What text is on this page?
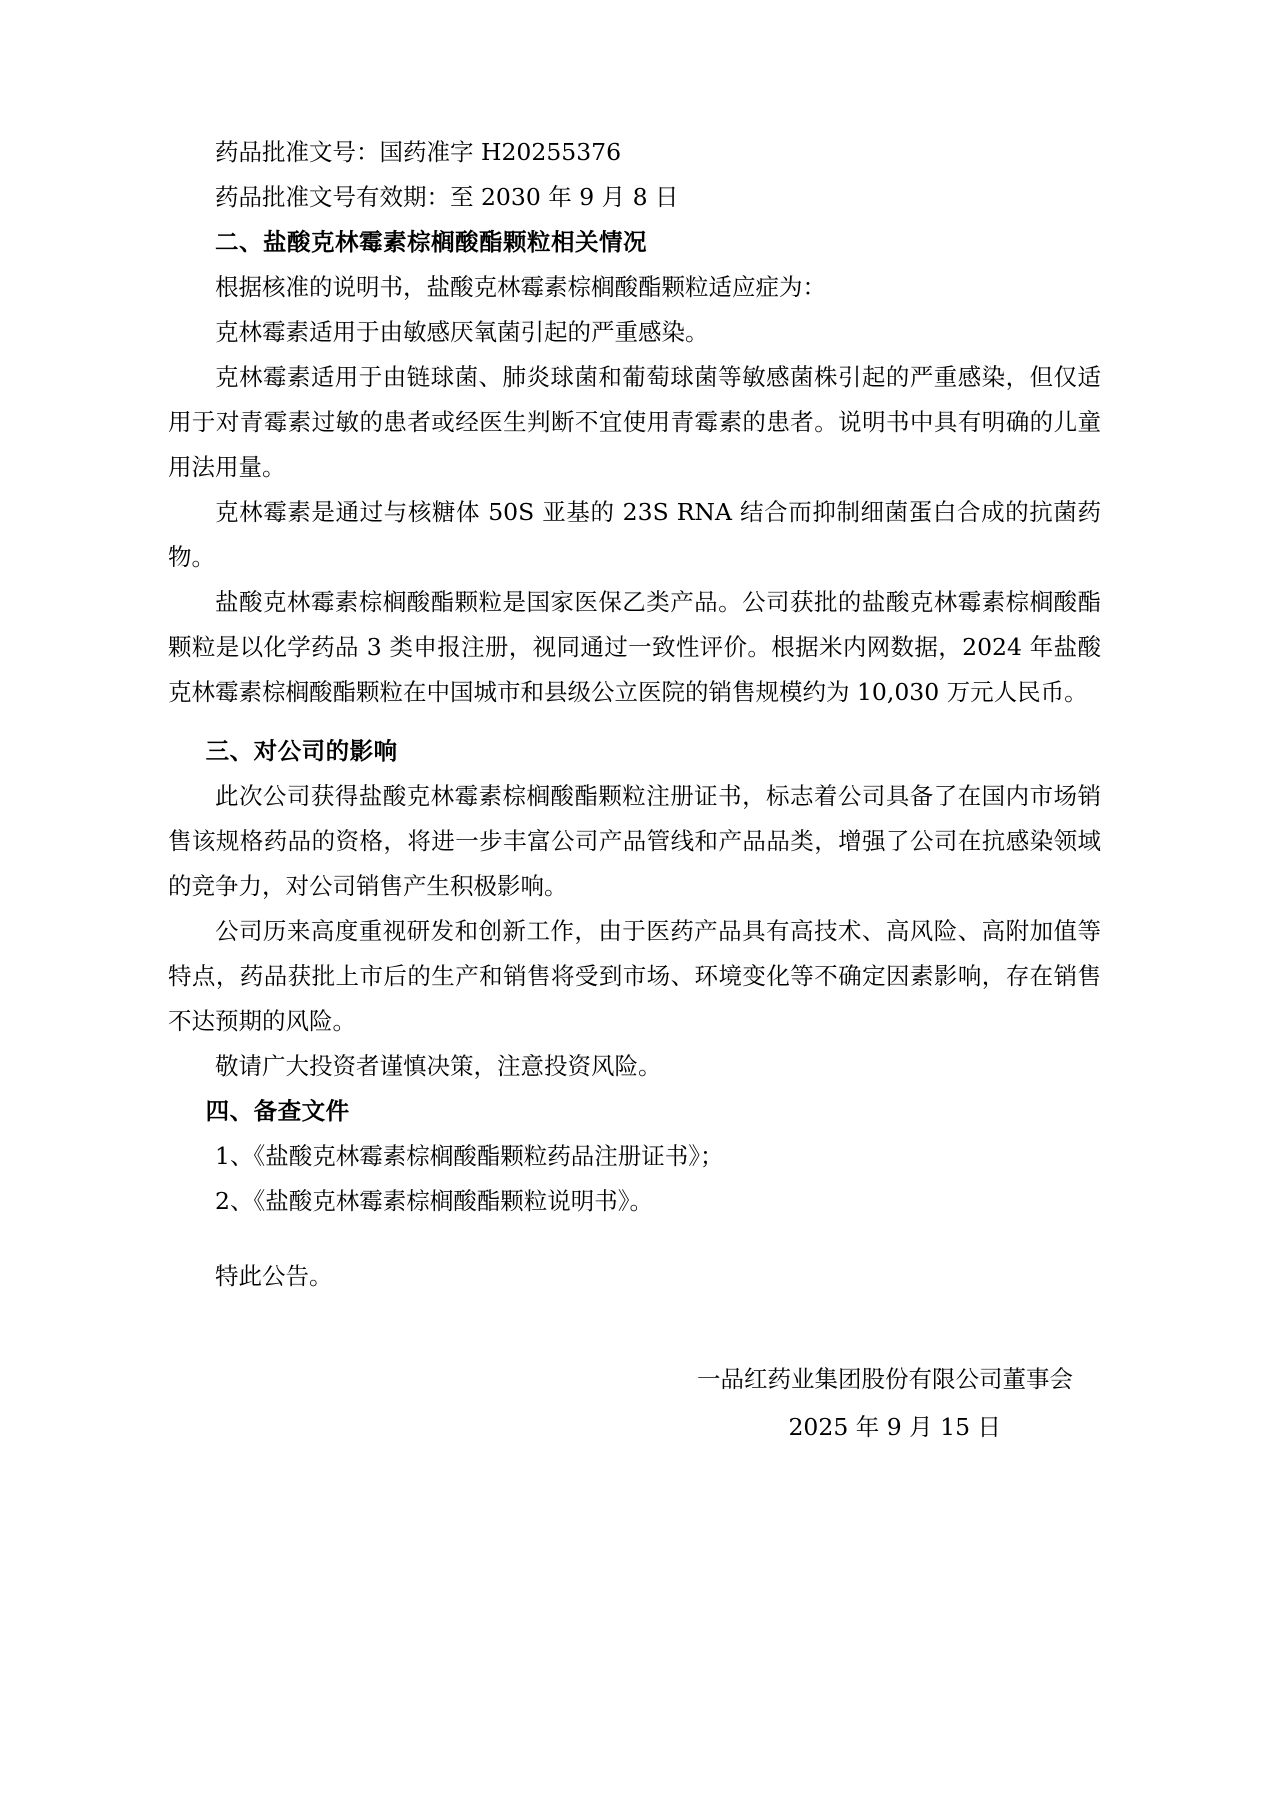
药品批准文号：国药准字 H20255376

药品批准文号有效期：至 2030 年 9 月 8 日

二、盐酸克林霉素棕榈酸酯颗粒相关情况

根据核准的说明书，盐酸克林霉素棕榈酸酯颗粒适应症为：

克林霉素适用于由敏感厌氧菌引起的严重感染。

克林霉素适用于由链球菌、肺炎球菌和葡萄球菌等敏感菌株引起的严重感染，但仅适用于对青霉素过敏的患者或经医生判断不宜使用青霉素的患者。说明书中具有明确的儿童用法用量。

克林霉素是通过与核糖体 50S 亚基的 23S RNA 结合而抑制细菌蛋白合成的抗菌药物。

盐酸克林霉素棕榈酸酯颗粒是国家医保乙类产品。公司获批的盐酸克林霉素棕榈酸酯颗粒是以化学药品 3 类申报注册，视同通过一致性评价。根据米内网数据，2024 年盐酸克林霉素棕榈酸酯颗粒在中国城市和县级公立医院的销售规模约为 10,030 万元人民币。

三、对公司的影响

此次公司获得盐酸克林霉素棕榈酸酯颗粒注册证书，标志着公司具备了在国内市场销售该规格药品的资格，将进一步丰富公司产品管线和产品品类，增强了公司在抗感染领域的竞争力，对公司销售产生积极影响。

公司历来高度重视研发和创新工作，由于医药产品具有高技术、高风险、高附加值等特点，药品获批上市后的生产和销售将受到市场、环境变化等不确定因素影响，存在销售不达预期的风险。

敬请广大投资者谨慎决策，注意投资风险。

四、备查文件

1、《盐酸克林霉素棕榈酸酯颗粒药品注册证书》；

2、《盐酸克林霉素棕榈酸酯颗粒说明书》。

特此公告。

一品红药业集团股份有限公司董事会

2025 年 9 月 15 日
